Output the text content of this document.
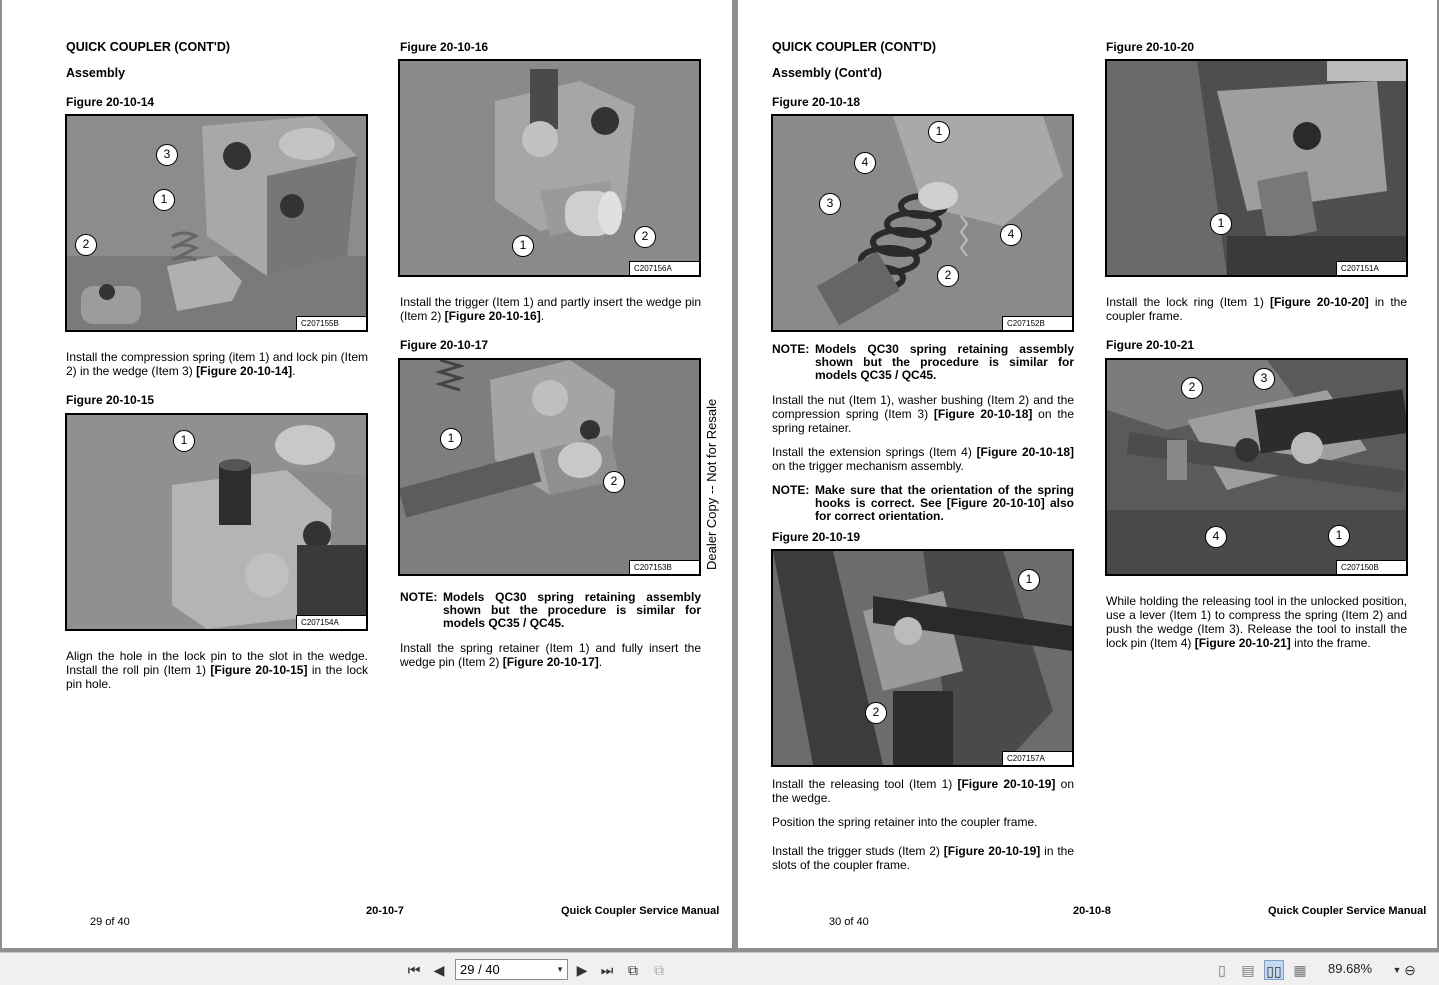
QUICK COUPLER (CONT'D)
Assembly
Figure 20-10-14
3
1
2
C207155B
Install the compression spring (item 1) and lock pin (Item 2) in the wedge (Item 3) [Figure 20-10-14].
Figure 20-10-15
1
C207154A
Align the hole in the lock pin to the slot in the wedge. Install the roll pin (Item 1) [Figure 20-10-15] in the lock pin hole.
Figure 20-10-16
1
2
C207156A
Install the trigger (Item 1) and partly insert the wedge pin (Item 2) [Figure 20-10-16].
Figure 20-10-17
1
2
C207153B
NOTE: Models QC30 spring retaining assembly shown but the procedure is similar for models QC35 / QC45.
Install the spring retainer (Item 1) and fully insert the wedge pin (Item 2) [Figure 20-10-17].
Dealer Copy -- Not for Resale
29 of 40
20-10-7	Quick Coupler Service Manual
QUICK COUPLER (CONT'D)
Assembly (Cont'd)
Figure 20-10-18
1
4
3
4
2
C207152B
NOTE: Models QC30 spring retaining assembly shown but the procedure is similar for models QC35 / QC45.
Install the nut (Item 1), washer bushing (Item 2) and the compression spring (Item 3) [Figure 20-10-18] on the spring retainer.
Install the extension springs (Item 4) [Figure 20-10-18] on the trigger mechanism assembly.
NOTE: Make sure that the orientation of the spring hooks is correct. See [Figure 20-10-10] also for correct orientation.
Figure 20-10-19
1
2
C207157A
Install the releasing tool (Item 1) [Figure 20-10-19] on the wedge.
Position the spring retainer into the coupler frame.
Install the trigger studs (Item 2) [Figure 20-10-19] in the slots of the coupler frame.
Figure 20-10-20
1
C207151A
Install the lock ring (Item 1) [Figure 20-10-20] in the coupler frame.
Figure 20-10-21
2
3
4	1
C207150B
While holding the releasing tool in the unlocked position, use a lever (Item 1) to compress the spring (Item 2) and push the wedge (Item 3). Release the tool to install the lock pin (Item 4) [Figure 20-10-21] into the frame.
30 of 40
20-10-8	Quick Coupler Service Manual
⏮ ◀	29 / 40	▼ ▶ ⏭	⧉	⧉	▯	▤ ▯▯ ▦ 89.68%	▼ ⊖
